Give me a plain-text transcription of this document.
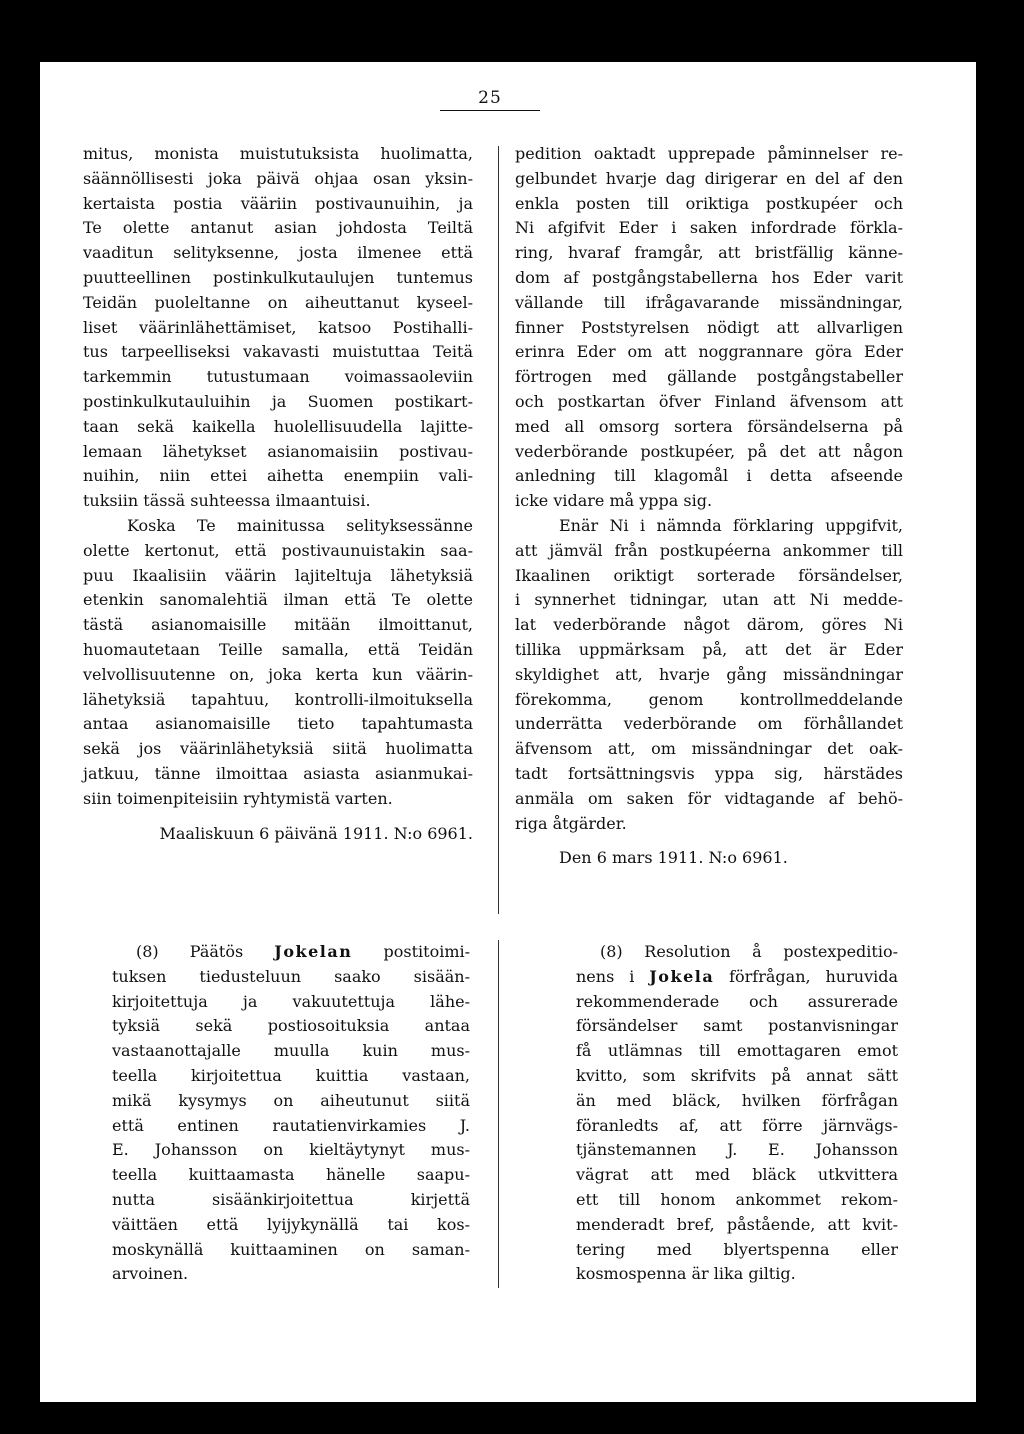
25
mitus, monista muistutuksista huolimatta,
säännöllisesti joka päivä ohjaa osan yksin-
kertaista postia vääriin postivaunuihin, ja
Te olette antanut asian johdosta Teiltä
vaaditun selityksenne, josta ilmenee että
puutteellinen postinkulkutaulujen tuntemus
Teidän puoleltanne on aiheuttanut kyseel-
liset väärinlähettämiset, katsoo Postihalli-
tus tarpeelliseksi vakavasti muistuttaa Teitä
tarkemmin tutustumaan voimassaoleviin
postinkulkutauluihin ja Suomen postikart-
taan sekä kaikella huolellisuudella lajitte-
lemaan lähetykset asianomaisiin postivau-
nuihin, niin ettei aihetta enempiin vali-
tuksiin tässä suhteessa ilmaantuisi.
Koska Te mainitussa selityksessänne
olette kertonut, että postivaunuistakin saa-
puu Ikaalisiin väärin lajiteltuja lähetyksiä
etenkin sanomalehtiä ilman että Te olette
tästä asianomaisille mitään ilmoittanut,
huomautetaan Teille samalla, että Teidän
velvollisuutenne on, joka kerta kun väärin-
lähetyksiä tapahtuu, kontrolli-ilmoituksella
antaa asianomaisille tieto tapahtumasta
sekä jos väärinlähetyksiä siitä huolimatta
jatkuu, tänne ilmoittaa asiasta asianmukai-
siin toimenpiteisiin ryhtymistä varten.
Maaliskuun 6 päivänä 1911. N:o 6961.
pedition oaktadt upprepade påminnelser re-
gelbundet hvarje dag dirigerar en del af den
enkla posten till oriktiga postkupéer och
Ni afgifvit Eder i saken infordrade förkla-
ring, hvaraf framgår, att bristfällig känne-
dom af postgångstabellerna hos Eder varit
vällande till ifrågavarande missändningar,
finner Poststyrelsen nödigt att allvarligen
erinra Eder om att noggrannare göra Eder
förtrogen med gällande postgångstabeller
och postkartan öfver Finland äfvensom att
med all omsorg sortera försändelserna på
vederbörande postkupéer, på det att någon
anledning till klagomål i detta afseende
icke vidare må yppa sig.
Enär Ni i nämnda förklaring uppgifvit,
att jämväl från postkupéerna ankommer till
Ikaalinen oriktigt sorterade försändelser,
i synnerhet tidningar, utan att Ni medde-
lat vederbörande något därom, göres Ni
tillika uppmärksam på, att det är Eder
skyldighet att, hvarje gång missändningar
förekomma, genom kontrollmeddelande
underrätta vederbörande om förhållandet
äfvensom att, om missändningar det oak-
tadt fortsättningsvis yppa sig, härstädes
anmäla om saken för vidtagande af behö-
riga åtgärder.
Den 6 mars 1911. N:o 6961.
(8) Päätös Jokelan postitoimi-
tuksen tiedusteluun saako sisään-
kirjoitettuja ja vakuutettuja lähe-
tyksiä sekä postiosoituksia antaa
vastaanottajalle muulla kuin mus-
teella kirjoitettua kuittia vastaan,
mikä kysymys on aiheutunut siitä
että entinen rautatienvirkamies J.
E. Johansson on kieltäytynyt mus-
teella kuittaamasta hänelle saapu-
nutta sisäänkirjoitettua kirjettä
väittäen että lyijykynällä tai kos-
moskynällä kuittaaminen on saman-
arvoinen.
(8) Resolution å postexpeditio-
nens i Jokela förfrågan, huruvida
rekommenderade och assurerade
försändelser samt postanvisningar
få utlämnas till emottagaren emot
kvitto, som skrifvits på annat sätt
än med bläck, hvilken förfrågan
föranledts af, att förre järnvägs-
tjänstemannen J. E. Johansson
vägrat att med bläck utkvittera
ett till honom ankommet rekom-
menderadt bref, påstående, att kvit-
tering med blyertspenna eller
kosmospenna är lika giltig.
